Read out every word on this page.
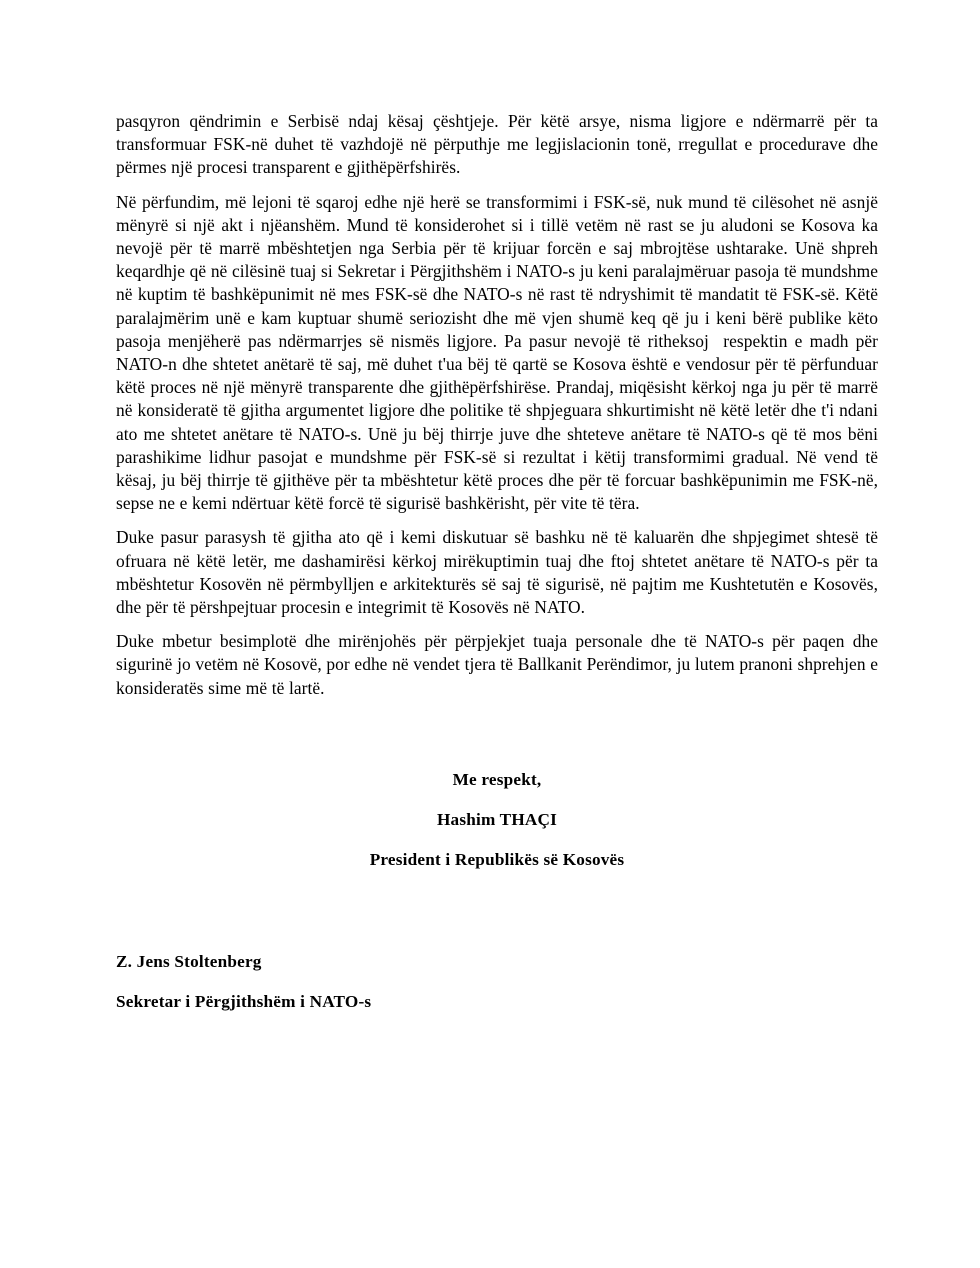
pasqyron qëndrimin e Serbisë ndaj kësaj çështjeje. Për këtë arsye, nisma ligjore e ndërmarrë për ta transformuar FSK-në duhet të vazhdojë në përputhje me legjislacionin tonë, rregullat e procedurave dhe përmes një procesi transparent e gjithëpërfshirës.

Në përfundim, më lejoni të sqaroj edhe një herë se transformimi i FSK-së, nuk mund të cilësohet në asnjë mënyrë si një akt i njëanshëm. Mund të konsiderohet si i tillë vetëm në rast se ju aludoni se Kosova ka nevojë për të marrë mbështetjen nga Serbia për të krijuar forcën e saj mbrojtëse ushtarake. Unë shpreh keqardhje që në cilësinë tuaj si Sekretar i Përgjithshëm i NATO-s ju keni paralajmëruar pasoja të mundshme në kuptim të bashkëpunimit në mes FSK-së dhe NATO-s në rast të ndryshimit të mandatit të FSK-së. Këtë paralajmërim unë e kam kuptuar shumë seriozisht dhe më vjen shumë keq që ju i keni bërë publike këto pasoja menjëherë pas ndërmarrjes së nismës ligjore. Pa pasur nevojë të ritheksoj  respektin e madh për NATO-n dhe shtetet anëtarë të saj, më duhet t'ua bëj të qartë se Kosova është e vendosur për të përfunduar këtë proces në një mënyrë transparente dhe gjithëpërfshirëse. Prandaj, miqësisht kërkoj nga ju për të marrë në konsideratë të gjitha argumentet ligjore dhe politike të shpjeguara shkurtimisht në këtë letër dhe t'i ndani ato me shtetet anëtare të NATO-s. Unë ju bëj thirrje juve dhe shteteve anëtare të NATO-s që të mos bëni parashikime lidhur pasojat e mundshme për FSK-së si rezultat i këtij transformimi gradual. Në vend të kësaj, ju bëj thirrje të gjithëve për ta mbështetur këtë proces dhe për të forcuar bashkëpunimin me FSK-në, sepse ne e kemi ndërtuar këtë forcë të sigurisë bashkërisht, për vite të tëra.

Duke pasur parasysh të gjitha ato që i kemi diskutuar së bashku në të kaluarën dhe shpjegimet shtesë të ofruara në këtë letër, me dashamirësi kërkoj mirëkuptimin tuaj dhe ftoj shtetet anëtare të NATO-s për ta mbështetur Kosovën në përmbylljen e arkitekturës së saj të sigurisë, në pajtim me Kushtetutën e Kosovës, dhe për të përshpejtuar procesin e integrimit të Kosovës në NATO.

Duke mbetur besimplotë dhe mirënjohës për përpjekjet tuaja personale dhe të NATO-s për paqen dhe sigurinë jo vetëm në Kosovë, por edhe në vendet tjera të Ballkanit Perëndimor, ju lutem pranoni shprehjen e konsideratës sime më të lartë.

Me respekt,

Hashim THAÇI

President i Republikës së Kosovës

Z. Jens Stoltenberg

Sekretar i Përgjithshëm i NATO-s
